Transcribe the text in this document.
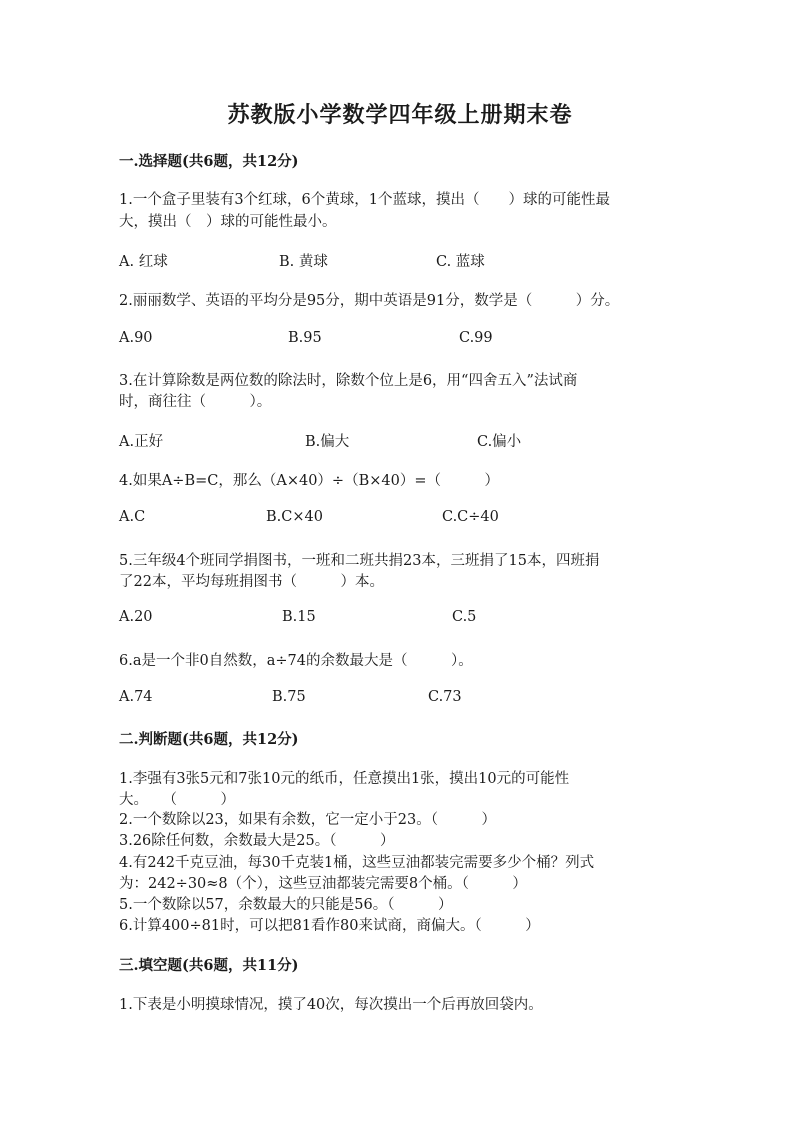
苏教版小学数学四年级上册期末卷
一.选择题(共6题，共12分)
1.一个盒子里装有3个红球，6个黄球，1个蓝球，摸出（　　）球的可能性最
大，摸出（　）球的可能性最小。
A. 红球	B. 黄球	C. 蓝球
2.丽丽数学、英语的平均分是95分，期中英语是91分，数学是（　　　）分。
A.90	B.95	C.99
3.在计算除数是两位数的除法时，除数个位上是6，用“四舍五入”法试商
时，商往往（　　　）。
A.正好	B.偏大	C.偏小
4.如果A÷B=C，那么（A×40）÷（B×40）=（　　　）
A.C	B.C×40	C.C÷40
5.三年级4个班同学捐图书，一班和二班共捐23本，三班捐了15本，四班捐
了22本，平均每班捐图书（　　　）本。
A.20	B.15	C.5
6.a是一个非0自然数，a÷74的余数最大是（　　　）。
A.74	B.75	C.73
二.判断题(共6题，共12分)
1.李强有3张5元和7张10元的纸币，任意摸出1张，摸出10元的可能性
大。　　（　　　）
2.一个数除以23，如果有余数，它一定小于23。（　　　）
3.26除任何数，余数最大是25。（　　　）
4.有242千克豆油，每30千克装1桶，这些豆油都装完需要多少个桶？列式
为：242÷30≈8（个），这些豆油都装完需要8个桶。（　　　）
5.一个数除以57，余数最大的只能是56。（　　　）
6.计算400÷81时，可以把81看作80来试商，商偏大。（　　　）
三.填空题(共6题，共11分)
1.下表是小明摸球情况，摸了40次，每次摸出一个后再放回袋内。
